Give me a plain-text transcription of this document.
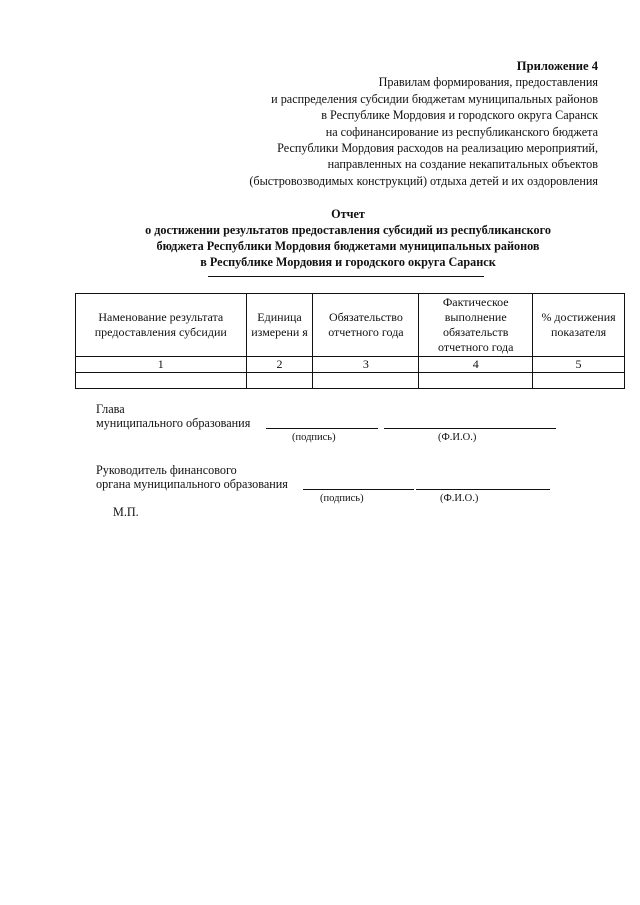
Приложение 4
Правилам формирования, предоставления
и распределения субсидии бюджетам муниципальных районов
в Республике Мордовия и городского округа Саранск
на софинансирование из республиканского бюджета
Республики Мордовия расходов на реализацию мероприятий,
направленных на создание некапитальных объектов
(быстровозводимых конструкций) отдыха детей и их оздоровления
Отчет
о достижении результатов предоставления субсидий из республиканского
бюджета Республики Мордовия бюджетами муниципальных районов
в Республике Мордовия и городского округа Саранск
Наменование результата предоставления субсидии	Единица измерени я	Обязательство отчетного года	Фактическое выполнение обязательств отчетного года	% достижения показателя
1	2	3	4	5

Глава
муниципального образования
(подпись)	(Ф.И.О.)
Руководитель финансового
органа муниципального образования
(подпись)	(Ф.И.О.)
М.П.
